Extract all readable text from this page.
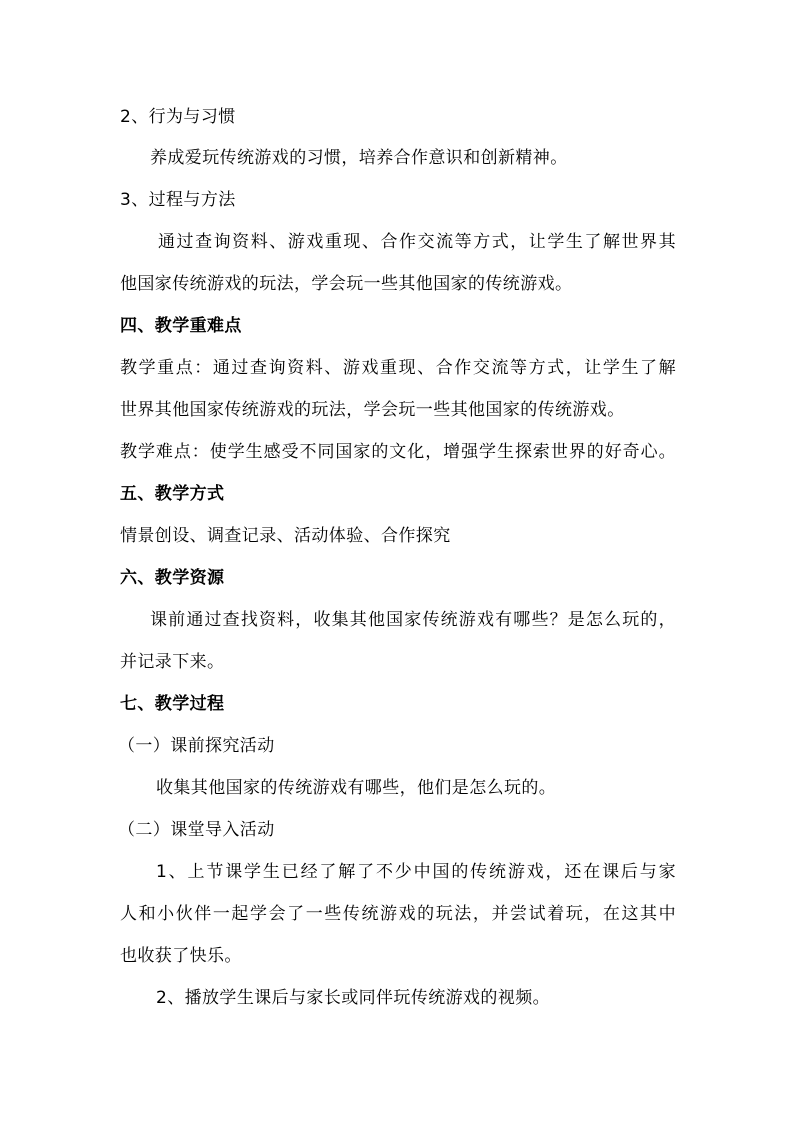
2、行为与习惯
养成爱玩传统游戏的习惯，培养合作意识和创新精神。
3、过程与方法
通过查询资料、游戏重现、合作交流等方式，让学生了解世界其
他国家传统游戏的玩法，学会玩一些其他国家的传统游戏。
四、教学重难点
教学重点：通过查询资料、游戏重现、合作交流等方式，让学生了解
世界其他国家传统游戏的玩法，学会玩一些其他国家的传统游戏。
教学难点：使学生感受不同国家的文化，增强学生探索世界的好奇心。
五、教学方式
情景创设、调查记录、活动体验、合作探究
六、教学资源
课前通过查找资料，收集其他国家传统游戏有哪些？是怎么玩的，
并记录下来。
七、教学过程
（一）课前探究活动
收集其他国家的传统游戏有哪些，他们是怎么玩的。
（二）课堂导入活动
1、上节课学生已经了解了不少中国的传统游戏，还在课后与家
人和小伙伴一起学会了一些传统游戏的玩法，并尝试着玩，在这其中
也收获了快乐。
2、播放学生课后与家长或同伴玩传统游戏的视频。
